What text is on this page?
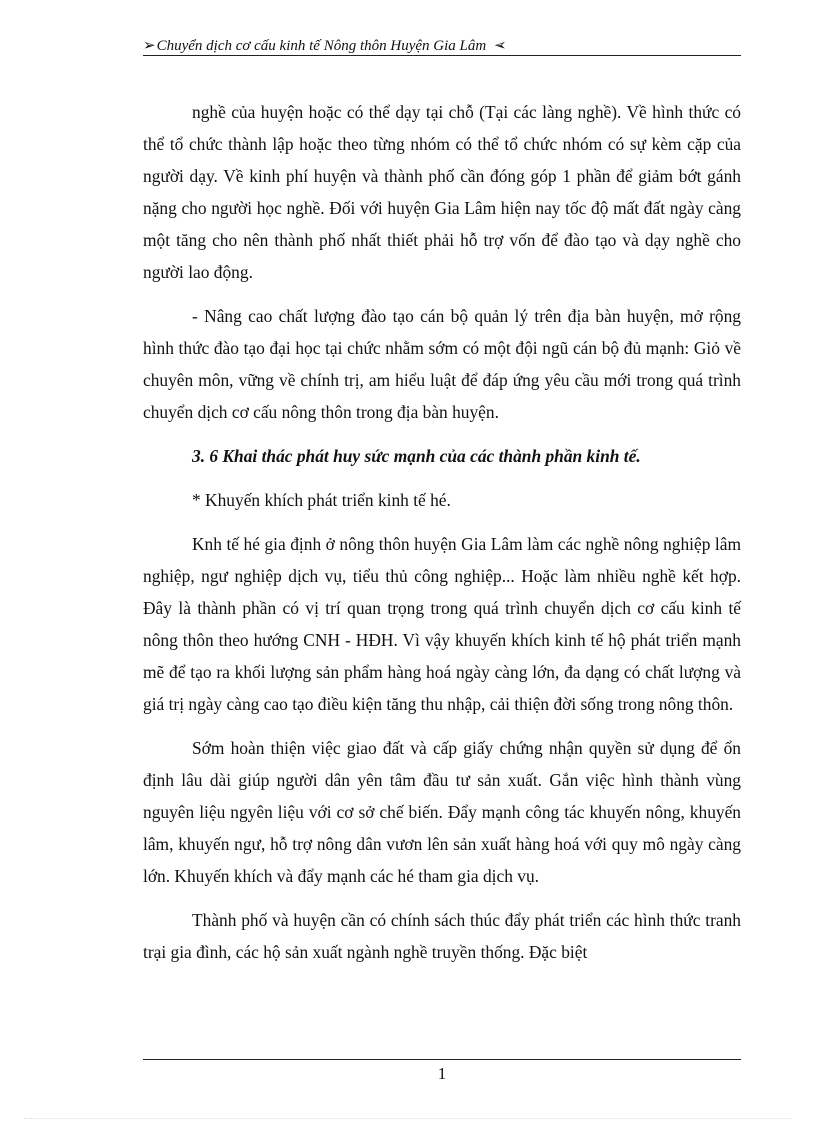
➢Chuyển dịch cơ cấu kinh tế Nông thôn Huyện Gia Lâm ➢

nghề của huyện hoặc có thể dạy tại chỗ (Tại các làng nghề). Về hình thức có thể tổ chức thành lập hoặc theo từng nhóm có thể tổ chức nhóm có sự kèm cặp của người dạy. Về kinh phí huyện và thành phố cần đóng góp 1 phần để giảm bớt gánh nặng cho người học nghề. Đối với huyện Gia Lâm hiện nay tốc độ mất đất ngày càng một tăng cho nên thành phố nhất thiết phải hỗ trợ vốn để đào tạo và dạy nghề cho người lao động.

- Nâng cao chất lượng đào tạo cán bộ quản lý trên địa bàn huyện, mở rộng hình thức đào tạo đại học tại chức nhằm sớm có một đội ngũ cán bộ đủ mạnh: Giỏ về chuyên môn, vững về chính trị, am hiểu luật để đáp ứng yêu cầu mới trong quá trình chuyển dịch cơ cấu nông thôn trong địa bàn huyện.

3. 6 Khai thác phát huy sức mạnh của các thành phần kinh tế.

* Khuyến khích phát triển kinh tế hé.

Knh tế hé gia định ở nông thôn huyện Gia Lâm làm các nghề nông nghiệp lâm nghiệp, ngư nghiệp dịch vụ, tiểu thủ công nghiệp... Hoặc làm nhiều nghề kết hợp. Đây là thành phần có vị trí quan trọng trong quá trình chuyển dịch cơ cấu kinh tế nông thôn theo hướng CNH - HĐH. Vì vậy khuyến khích kinh tế hộ phát triển mạnh mẽ để tạo ra khối lượng sản phẩm hàng hoá ngày càng lớn, đa dạng có chất lượng và giá trị ngày càng cao tạo điều kiện tăng thu nhập, cải thiện đời sống trong nông thôn.

Sớm hoàn thiện việc giao đất và cấp giấy chứng nhận quyền sử dụng để ổn định lâu dài giúp người dân yên tâm đầu tư sản xuất. Gắn việc hình thành vùng nguyên liệu ngyên liệu với cơ sở chế biến. Đẩy mạnh công tác khuyến nông, khuyến lâm, khuyến ngư, hỗ trợ nông dân vươn lên sản xuất hàng hoá với quy mô ngày càng lớn. Khuyến khích và đẩy mạnh các hé tham gia dịch vụ.

Thành phố và huyện cần có chính sách thúc đẩy phát triển các hình thức tranh trại gia đình, các hộ sản xuất ngành nghề truyền thống. Đặc biệt

1
